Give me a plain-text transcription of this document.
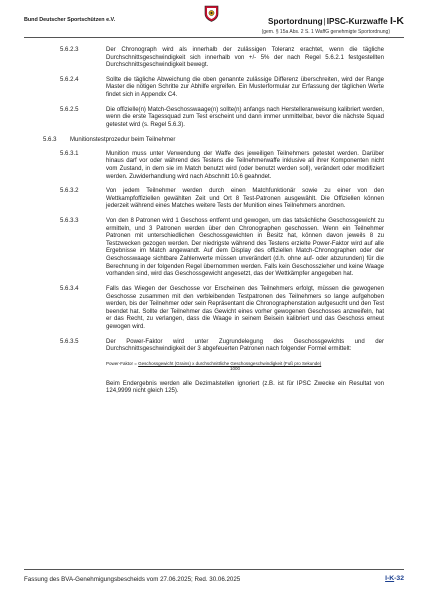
Bund Deutscher Sportschützen e.V.	Sportordnung|IPSC-Kurzwaffe I-K
(gem. § 15a Abs. 2 S. 1 WaffG genehmigte Sportordnung)
5.6.2.3	Der Chronograph wird als innerhalb der zulässigen Toleranz erachtet, wenn die tägliche Durchschnittsgeschwindigkeit sich innerhalb von +/- 5% der nach Regel 5.6.2.1 festgestellten Durchschnittsgeschwindigkeit bewegt.
5.6.2.4	Sollte die tägliche Abweichung die oben genannte zulässige Differenz überschreiten, wird der Range Master die nötigen Schritte zur Abhilfe ergreifen. Ein Musterformular zur Erfassung der täglichen Werte findet sich in Appendix C4.
5.6.2.5	Die offizielle(n) Match-Geschosswaage(n) sollte(n) anfangs nach Herstelleranweisung kalibriert werden, wenn die erste Tagessquad zum Test erscheint und dann immer unmittelbar, bevor die nächste Squad getestet wird (s. Regel 5.6.3).
5.6.3 Munitionstestprozedur beim Teilnehmer
5.6.3.1	Munition muss unter Verwendung der Waffe des jeweiligen Teilnehmers getestet werden. Darüber hinaus darf vor oder während des Testens die Teilnehmerwaffe inklusive all ihrer Komponenten nicht vom Zustand, in dem sie im Match benutzt wird (oder benutzt werden soll), verändert oder modifiziert werden. Zuwiderhandlung wird nach Abschnitt 10.6 geahndet.
5.6.3.2	Von jedem Teilnehmer werden durch einen Matchfunktionär sowie zu einer von den Wettkampfoffiziellen gewählten Zeit und Ort 8 Test-Patronen ausgewählt. Die Offiziellen können jederzeit während eines Matches weitere Tests der Munition eines Teilnehmers anordnen.
5.6.3.3	Von den 8 Patronen wird 1 Geschoss entfernt und gewogen, um das tatsächliche Geschossgewicht zu ermitteln, und 3 Patronen werden über den Chronographen geschossen. Wenn ein Teilnehmer Patronen mit unterschiedlichen Geschossgewichten in Besitz hat, können davon jeweils 8 zu Testzwecken gezogen werden. Der niedrigste während des Testens erzielte Power-Faktor wird auf alle Ergebnisse im Match angewandt. Auf dem Display des offiziellen Match-Chronographen oder der Geschosswaage sichtbare Zahlenwerte müssen unverändert (d.h. ohne auf- oder abzurunden) für die Berechnung in der folgenden Regel übernommen werden. Falls kein Geschosszieher und keine Waage vorhanden sind, wird das Geschossgewicht angesetzt, das der Wettkämpfer angegeben hat.
5.6.3.4	Falls das Wiegen der Geschosse vor Erscheinen des Teilnehmers erfolgt, müssen die gewogenen Geschosse zusammen mit den verbleibenden Testpatronen des Teilnehmers so lange aufgehoben werden, bis der Teilnehmer oder sein Repräsentant die Chronographenstation aufgesucht und den Test beendet hat. Sollte der Teilnehmer das Gewicht eines vorher gewogenen Geschosses anzweifeln, hat er das Recht, zu verlangen, dass die Waage in seinem Beisein kalibriert und das Geschoss erneut gewogen wird.
5.6.3.5	Der Power-Faktor wird unter Zugrundelegung des Geschossgewichts und der Durchschnittsgeschwindigkeit der 3 abgefeuerten Patronen nach folgender Formel ermittelt:
Power-Faktor = Geschossgewicht (Grains) x durchschnittliche Geschossgeschwindigkeit (Fuß pro Sekunde)
1000
Beim Endergebnis werden alle Dezimalstellen ignoriert (z.B. ist für IPSC Zwecke ein Resultat von 124,9999 nicht gleich 125).
Fassung des BVA-Genehmigungsbescheids vom 27.06.2025; Red. 30.06.2025	I-K-32
